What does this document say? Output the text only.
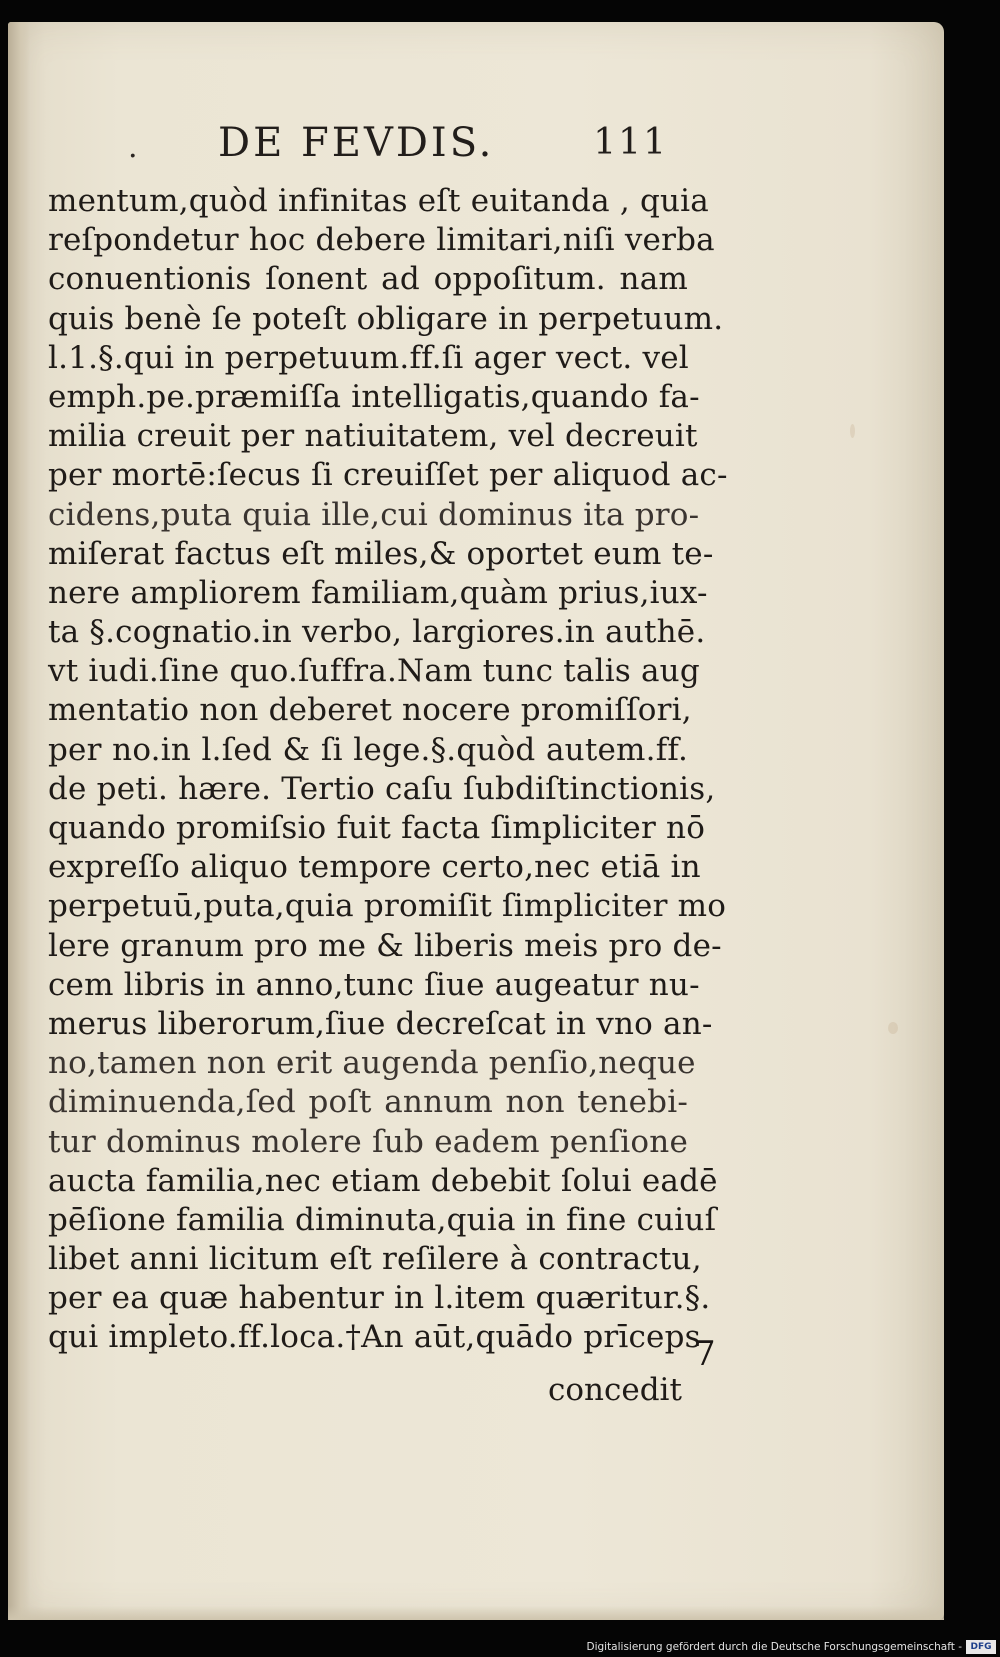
. DE FEVDIS.	111
mentum,quòd infinitas eſt euitanda , quia
reſpondetur hoc debere limitari,niſi verba
conuentionis ſonent ad oppoſitum. nam
quis benè ſe poteſt obligare in perpetuum.
l.1.§.qui in perpetuum.ff.ſi ager vect. vel
emph.pe.præmiſſa intelligatis,quando fa-
milia creuit per natiuitatem, vel decreuit
per mortē:ſecus ſi creuiſſet per aliquod ac-
cidens,puta quia ille,cui dominus ita pro-
miſerat factus eſt miles,& oportet eum te-
nere ampliorem familiam,quàm prius,iux-
ta §.cognatio.in verbo, largiores.in authē.
vt iudi.ſine quo.ſuffra.Nam tunc talis aug
mentatio non deberet nocere promiſſori,
per no.in l.ſed & ſi lege.§.quòd autem.ff.
de peti. hære. Tertio caſu ſubdiſtinctionis,
quando promiſsio fuit facta ſimpliciter nō
expreſſo aliquo tempore certo,nec etiā in
perpetuū,puta,quia promiſit ſimpliciter mo
lere granum pro me & liberis meis pro de-
cem libris in anno,tunc ſiue augeatur nu-
merus liberorum,ſiue decreſcat in vno an-
no,tamen non erit augenda penſio,neque
diminuenda,ſed poſt annum non tenebi-
tur dominus molere ſub eadem penſione
aucta familia,nec etiam debebit ſolui eadē
pēſione familia diminuta,quia in fine cuiuſ
libet anni licitum eſt reſilere à contractu,
per ea quæ habentur in l.item quæritur.§.
qui impleto.ff.loca.†An aūt,quādo prīceps
concedit
7
Digitalisierung gefördert durch die Deutsche Forschungsgemeinschaft - DFG
